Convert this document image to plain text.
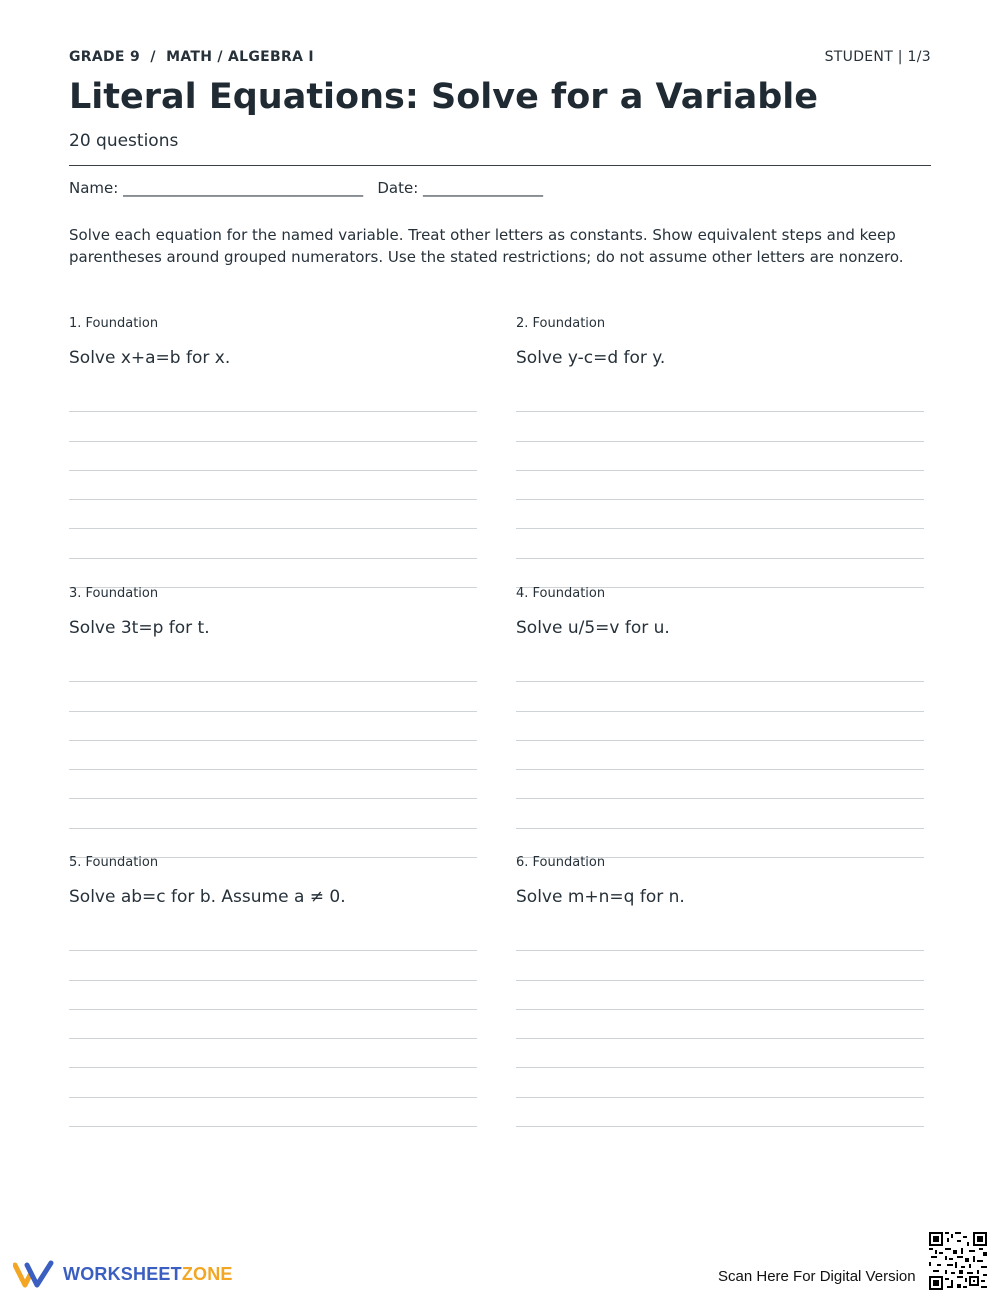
GRADE 9  /  MATH / ALGEBRA I	STUDENT | 1/3
Literal Equations: Solve for a Variable
20 questions
Name: ________________________________   Date: ________________
Solve each equation for the named variable. Treat other letters as constants. Show equivalent steps and keep parentheses around grouped numerators. Use the stated restrictions; do not assume other letters are nonzero.
1. Foundation
Solve x+a=b for x.
2. Foundation
Solve y-c=d for y.
3. Foundation
Solve 3t=p for t.
4. Foundation
Solve u/5=v for u.
5. Foundation
Solve ab=c for b. Assume a ≠ 0.
6. Foundation
Solve m+n=q for n.
WORKSHEETZONE	Scan Here For Digital Version
